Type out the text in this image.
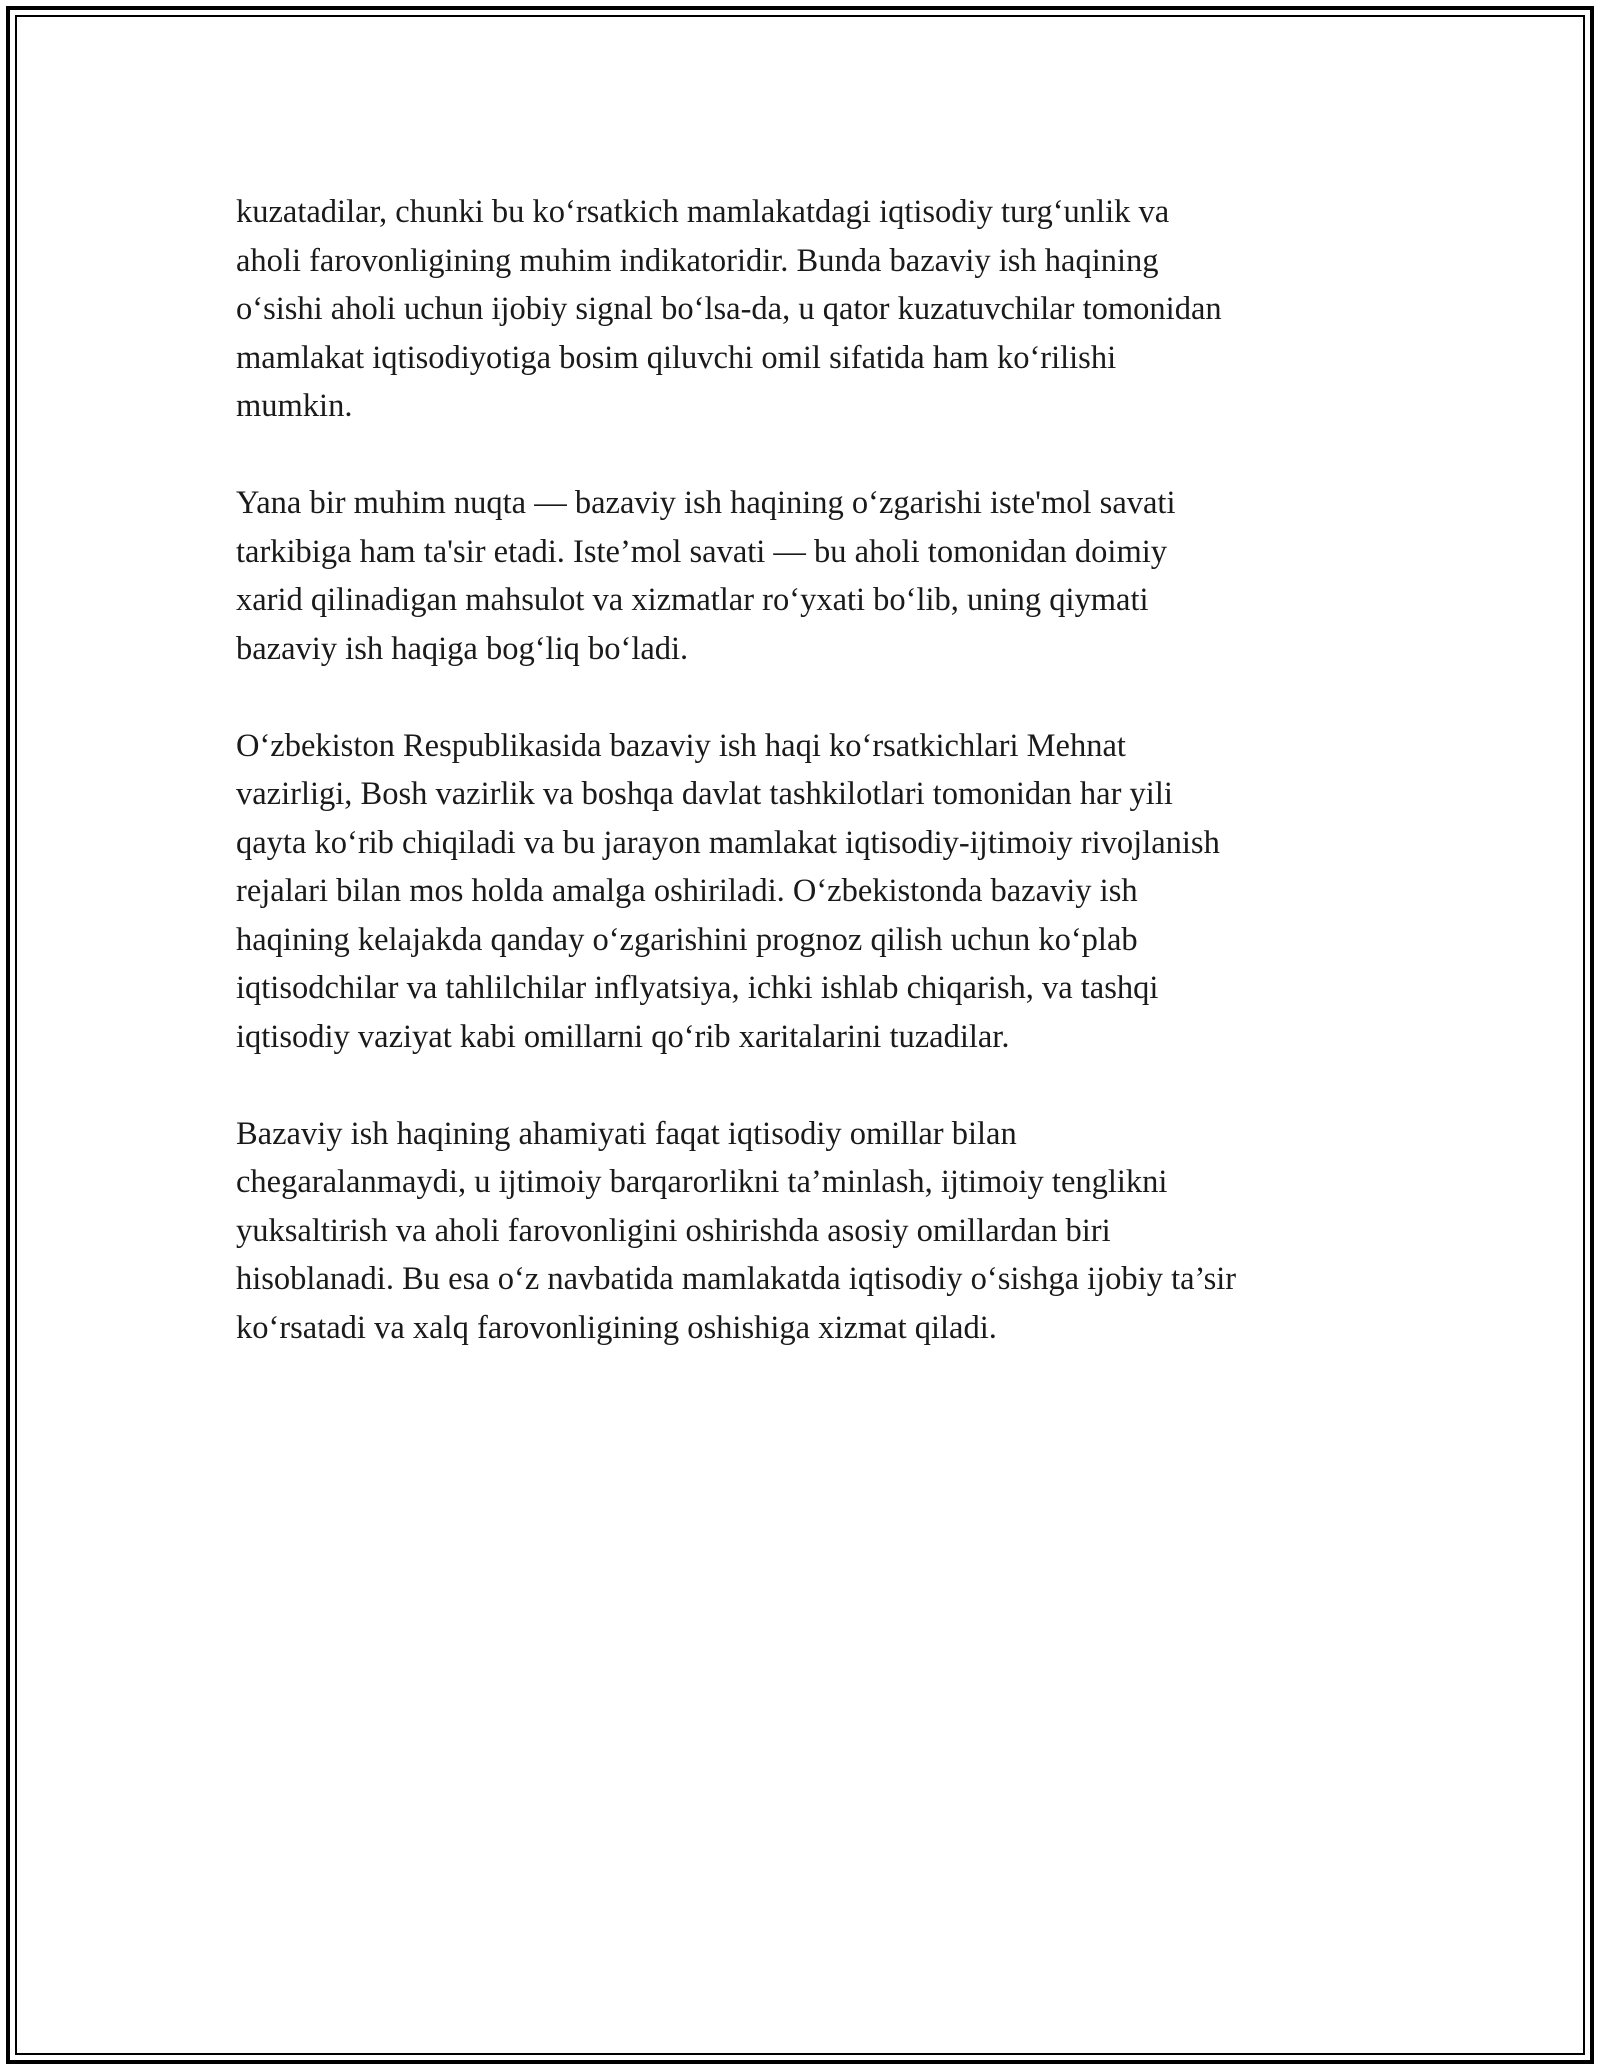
kuzatadilar, chunki bu ko‘rsatkich mamlakatdagi iqtisodiy turg‘unlik va
aholi farovonligining muhim indikatoridir. Bunda bazaviy ish haqining
o‘sishi aholi uchun ijobiy signal bo‘lsa-da, u qator kuzatuvchilar tomonidan
mamlakat iqtisodiyotiga bosim qiluvchi omil sifatida ham ko‘rilishi
mumkin.

Yana bir muhim nuqta — bazaviy ish haqining o‘zgarishi iste'mol savati
tarkibiga ham ta'sir etadi. Iste’mol savati — bu aholi tomonidan doimiy
xarid qilinadigan mahsulot va xizmatlar ro‘yxati bo‘lib, uning qiymati
bazaviy ish haqiga bog‘liq bo‘ladi.

O‘zbekiston Respublikasida bazaviy ish haqi ko‘rsatkichlari Mehnat
vazirligi, Bosh vazirlik va boshqa davlat tashkilotlari tomonidan har yili
qayta ko‘rib chiqiladi va bu jarayon mamlakat iqtisodiy-ijtimoiy rivojlanish
rejalari bilan mos holda amalga oshiriladi. O‘zbekistonda bazaviy ish
haqining kelajakda qanday o‘zgarishini prognoz qilish uchun ko‘plab
iqtisodchilar va tahlilchilar inflyatsiya, ichki ishlab chiqarish, va tashqi
iqtisodiy vaziyat kabi omillarni qo‘rib xaritalarini tuzadilar.

Bazaviy ish haqining ahamiyati faqat iqtisodiy omillar bilan
chegaralanmaydi, u ijtimoiy barqarorlikni ta’minlash, ijtimoiy tenglikni
yuksaltirish va aholi farovonligini oshirishda asosiy omillardan biri
hisoblanadi. Bu esa o‘z navbatida mamlakatda iqtisodiy o‘sishga ijobiy ta’sir
ko‘rsatadi va xalq farovonligining oshishiga xizmat qiladi.
